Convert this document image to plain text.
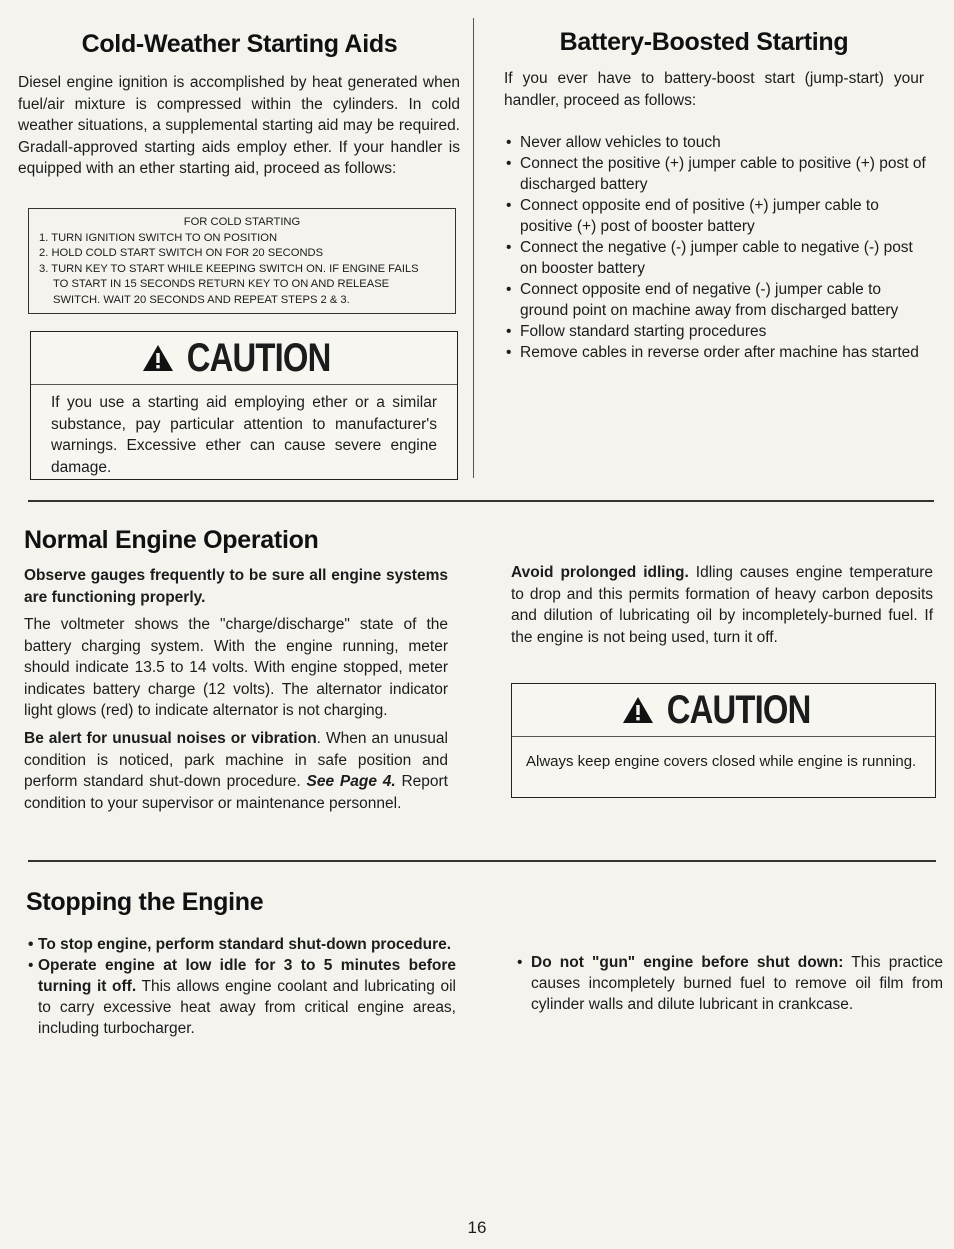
Cold-Weather Starting Aids

Diesel engine ignition is accomplished by heat generated when fuel/air mixture is compressed within the cylinders. In cold weather situations, a supplemental starting aid may be required. Gradall-approved starting aids employ ether. If your handler is equipped with an ether starting aid, proceed as follows:

FOR COLD STARTING
1. TURN IGNITION SWITCH TO ON POSITION
2. HOLD COLD START SWITCH ON FOR 20 SECONDS
3. TURN KEY TO START WHILE KEEPING SWITCH ON. IF ENGINE FAILS
TO START IN 15 SECONDS RETURN KEY TO ON AND RELEASE
SWITCH. WAIT 20 SECONDS AND REPEAT STEPS 2 & 3.
CAUTION

If you use a starting aid employing ether or a similar substance, pay particular attention to manufacturer's warnings. Excessive ether can cause severe engine damage.

Battery-Boosted Starting

If you ever have to battery-boost start (jump-start) your handler, proceed as follows:

• Never allow vehicles to touch
• Connect the positive (+) jumper cable to positive (+) post of discharged battery
• Connect opposite end of positive (+) jumper cable to positive (+) post of booster battery
• Connect the negative (-) jumper cable to negative (-) post on booster battery
• Connect opposite end of negative (-) jumper cable to ground point on machine away from discharged battery
• Follow standard starting procedures
• Remove cables in reverse order after machine has started
Normal Engine Operation

Observe gauges frequently to be sure all engine systems are functioning properly.

The voltmeter shows the "charge/discharge" state of the battery charging system. With the engine running, meter should indicate 13.5 to 14 volts. With engine stopped, meter indicates battery charge (12 volts). The alternator indicator light glows (red) to indicate alternator is not charging.

Be alert for unusual noises or vibration. When an unusual condition is noticed, park machine in safe position and perform standard shut-down procedure. See Page 4. Report condition to your supervisor or maintenance personnel.

Avoid prolonged idling. Idling causes engine temperature to drop and this permits formation of heavy carbon deposits and dilution of lubricating oil by incompletely-burned fuel. If the engine is not being used, turn it off.

CAUTION

Always keep engine covers closed while engine is running.

Stopping the Engine
• To stop engine, perform standard shut-down procedure.
• Operate engine at low idle for 3 to 5 minutes before turning it off. This allows engine coolant and lubricating oil to carry excessive heat away from critical engine areas, including turbocharger.
• Do not "gun" engine before shut down: This practice causes incompletely burned fuel to remove oil film from cylinder walls and dilute lubricant in crankcase.
16
